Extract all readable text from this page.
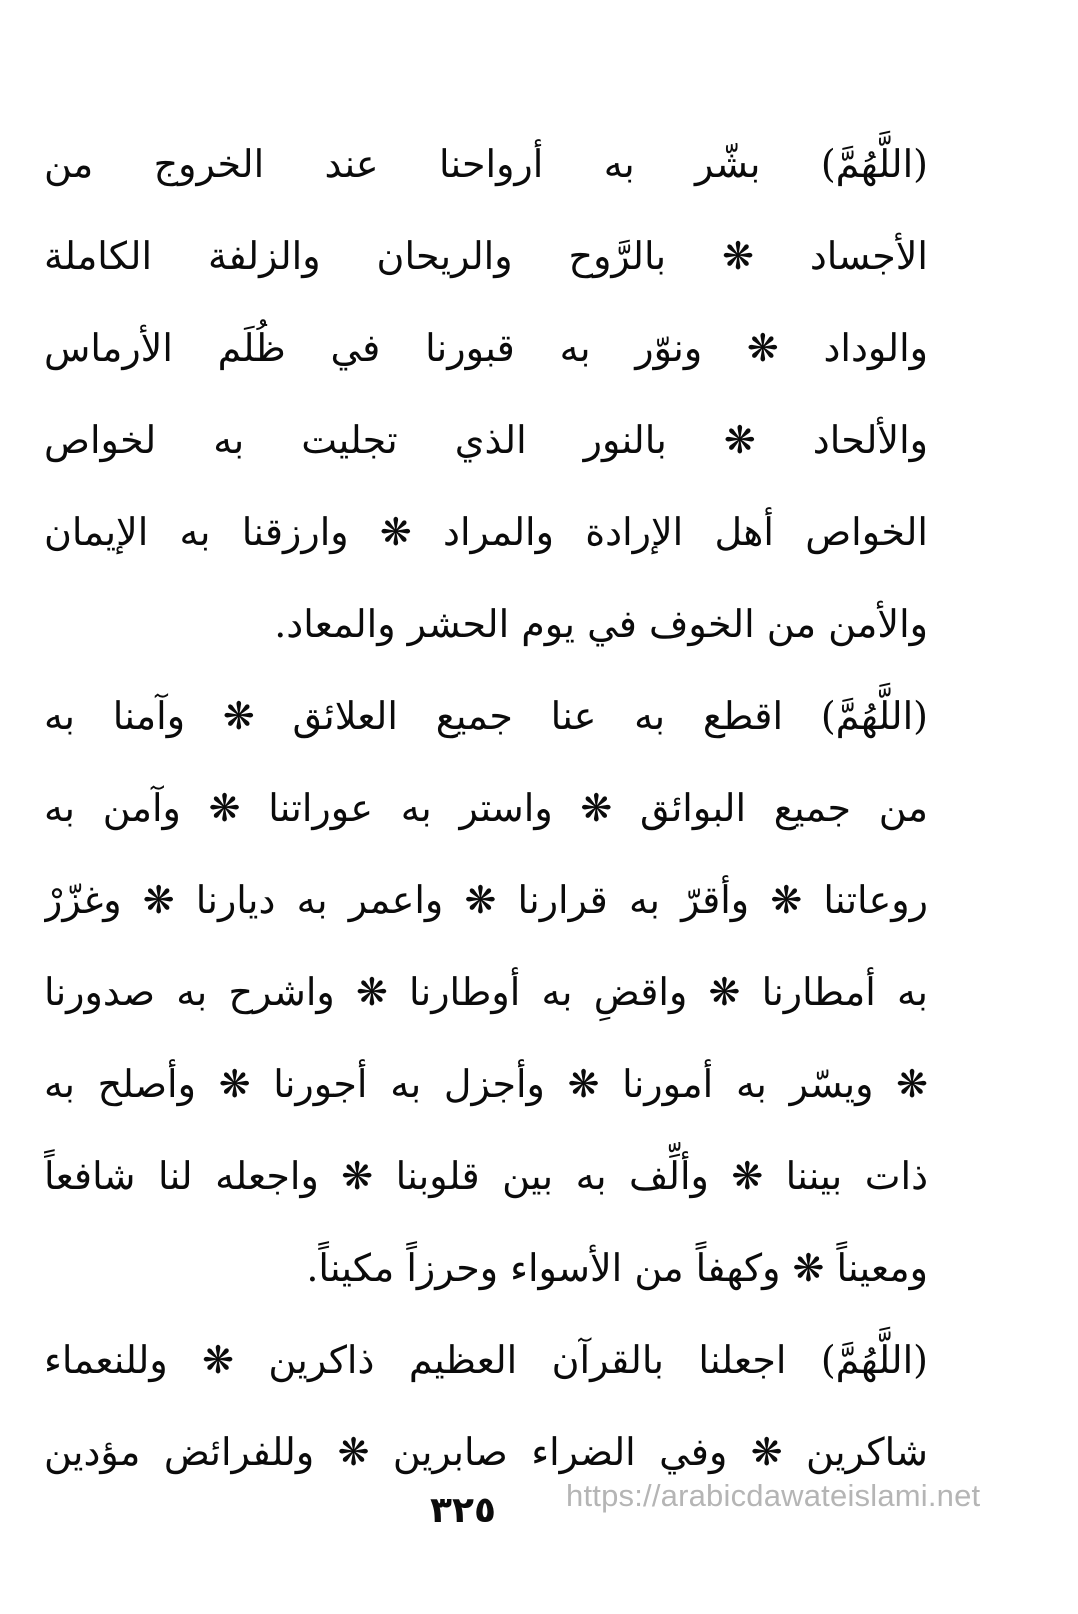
(اللَّهُمَّ) بشّر به أرواحنا عند الخروج من
الأجساد ❋ بالرَّوح والريحان والزلفة الكاملة
والوداد ❋ ونوّر به قبورنا في ظُلَم الأرماس
والألحاد ❋ بالنور الذي تجليت به لخواص
الخواص أهل الإرادة والمراد ❋ وارزقنا به الإيمان
والأمن من الخوف في يوم الحشر والمعاد.
(اللَّهُمَّ) اقطع به عنا جميع العلائق ❋ وآمنا به
من جميع البوائق ❋ واستر به عوراتنا ❋ وآمن به
روعاتنا ❋ وأقرّ به قرارنا ❋ واعمر به ديارنا ❋ وغزّرْ
به أمطارنا ❋ واقضِ به أوطارنا ❋ واشرح به صدورنا
❋ ويسّر به أمورنا ❋ وأجزل به أجورنا ❋ وأصلح به
ذات بيننا ❋ وألِّف به بين قلوبنا ❋ واجعله لنا شافعاً
ومعيناً ❋ وكهفاً من الأسواء وحرزاً مكيناً.
(اللَّهُمَّ) اجعلنا بالقرآن العظيم ذاكرين ❋ وللنعماء
شاكرين ❋ وفي الضراء صابرين ❋ وللفرائض مؤدين
٣٢٥	https://arabicdawateislami.net
